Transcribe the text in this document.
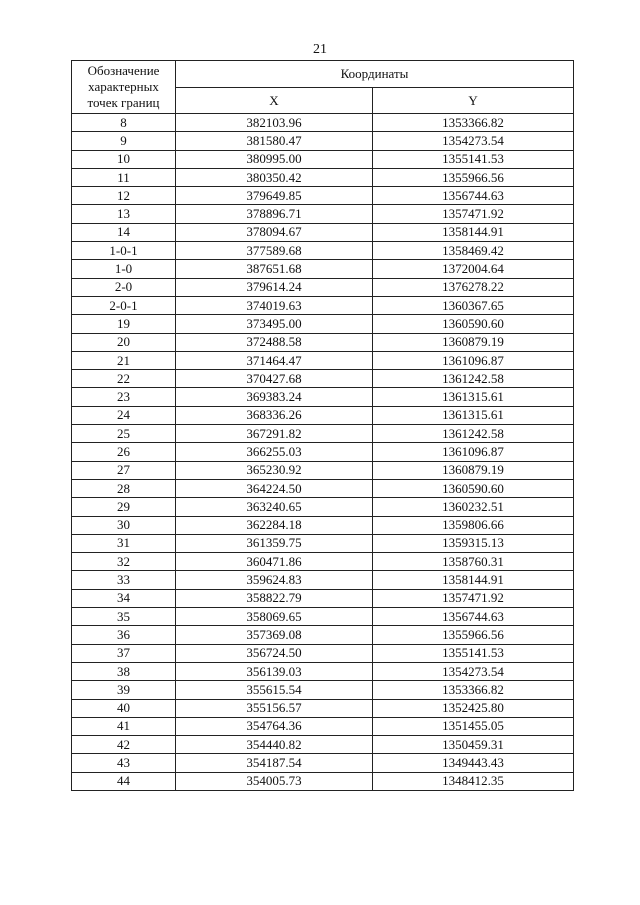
21
Обозначение характерных точек границ	Координаты	
	X	Y
8	382103.96	1353366.82
9	381580.47	1354273.54
10	380995.00	1355141.53
11	380350.42	1355966.56
12	379649.85	1356744.63
13	378896.71	1357471.92
14	378094.67	1358144.91
1-0-1	377589.68	1358469.42
1-0	387651.68	1372004.64
2-0	379614.24	1376278.22
2-0-1	374019.63	1360367.65
19	373495.00	1360590.60
20	372488.58	1360879.19
21	371464.47	1361096.87
22	370427.68	1361242.58
23	369383.24	1361315.61
24	368336.26	1361315.61
25	367291.82	1361242.58
26	366255.03	1361096.87
27	365230.92	1360879.19
28	364224.50	1360590.60
29	363240.65	1360232.51
30	362284.18	1359806.66
31	361359.75	1359315.13
32	360471.86	1358760.31
33	359624.83	1358144.91
34	358822.79	1357471.92
35	358069.65	1356744.63
36	357369.08	1355966.56
37	356724.50	1355141.53
38	356139.03	1354273.54
39	355615.54	1353366.82
40	355156.57	1352425.80
41	354764.36	1351455.05
42	354440.82	1350459.31
43	354187.54	1349443.43
44	354005.73	1348412.35
